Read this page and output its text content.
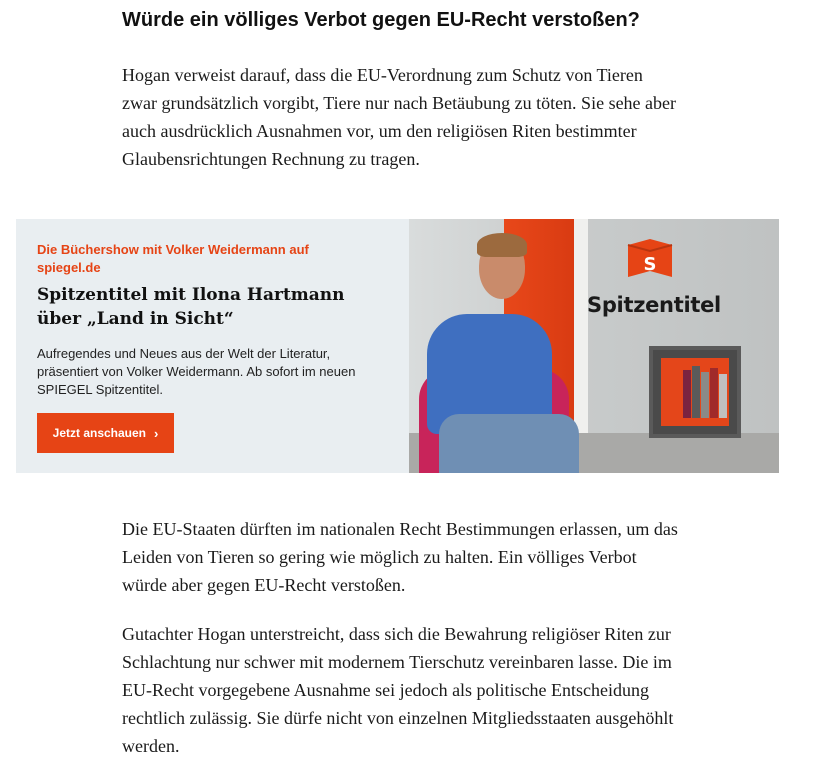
Würde ein völliges Verbot gegen EU-Recht verstoßen?

Hogan verweist darauf, dass die EU-Verordnung zum Schutz von Tieren zwar grundsätzlich vorgibt, Tiere nur nach Betäubung zu töten. Sie sehe aber auch ausdrücklich Ausnahmen vor, um den religiösen Riten bestimmter Glaubensrichtungen Rechnung zu tragen.

Die Büchershow mit Volker Weidermann auf spiegel.de
Spitzentitel mit Ilona Hartmann über „Land in Sicht“
Aufregendes und Neues aus der Welt der Literatur, präsentiert von Volker Weidermann. Ab sofort im neuen SPIEGEL Spitzentitel.
Jetzt anschauen ›
S
Spitzentitel

Die EU-Staaten dürften im nationalen Recht Bestimmungen erlassen, um das Leiden von Tieren so gering wie möglich zu halten. Ein völliges Verbot würde aber gegen EU-Recht verstoßen.

Gutachter Hogan unterstreicht, dass sich die Bewahrung religiöser Riten zur Schlachtung nur schwer mit modernem Tierschutz vereinbaren lasse. Die im EU-Recht vorgegebene Ausnahme sei jedoch als politische Entscheidung rechtlich zulässig. Sie dürfe nicht von einzelnen Mitgliedsstaaten ausgehöhlt werden.
